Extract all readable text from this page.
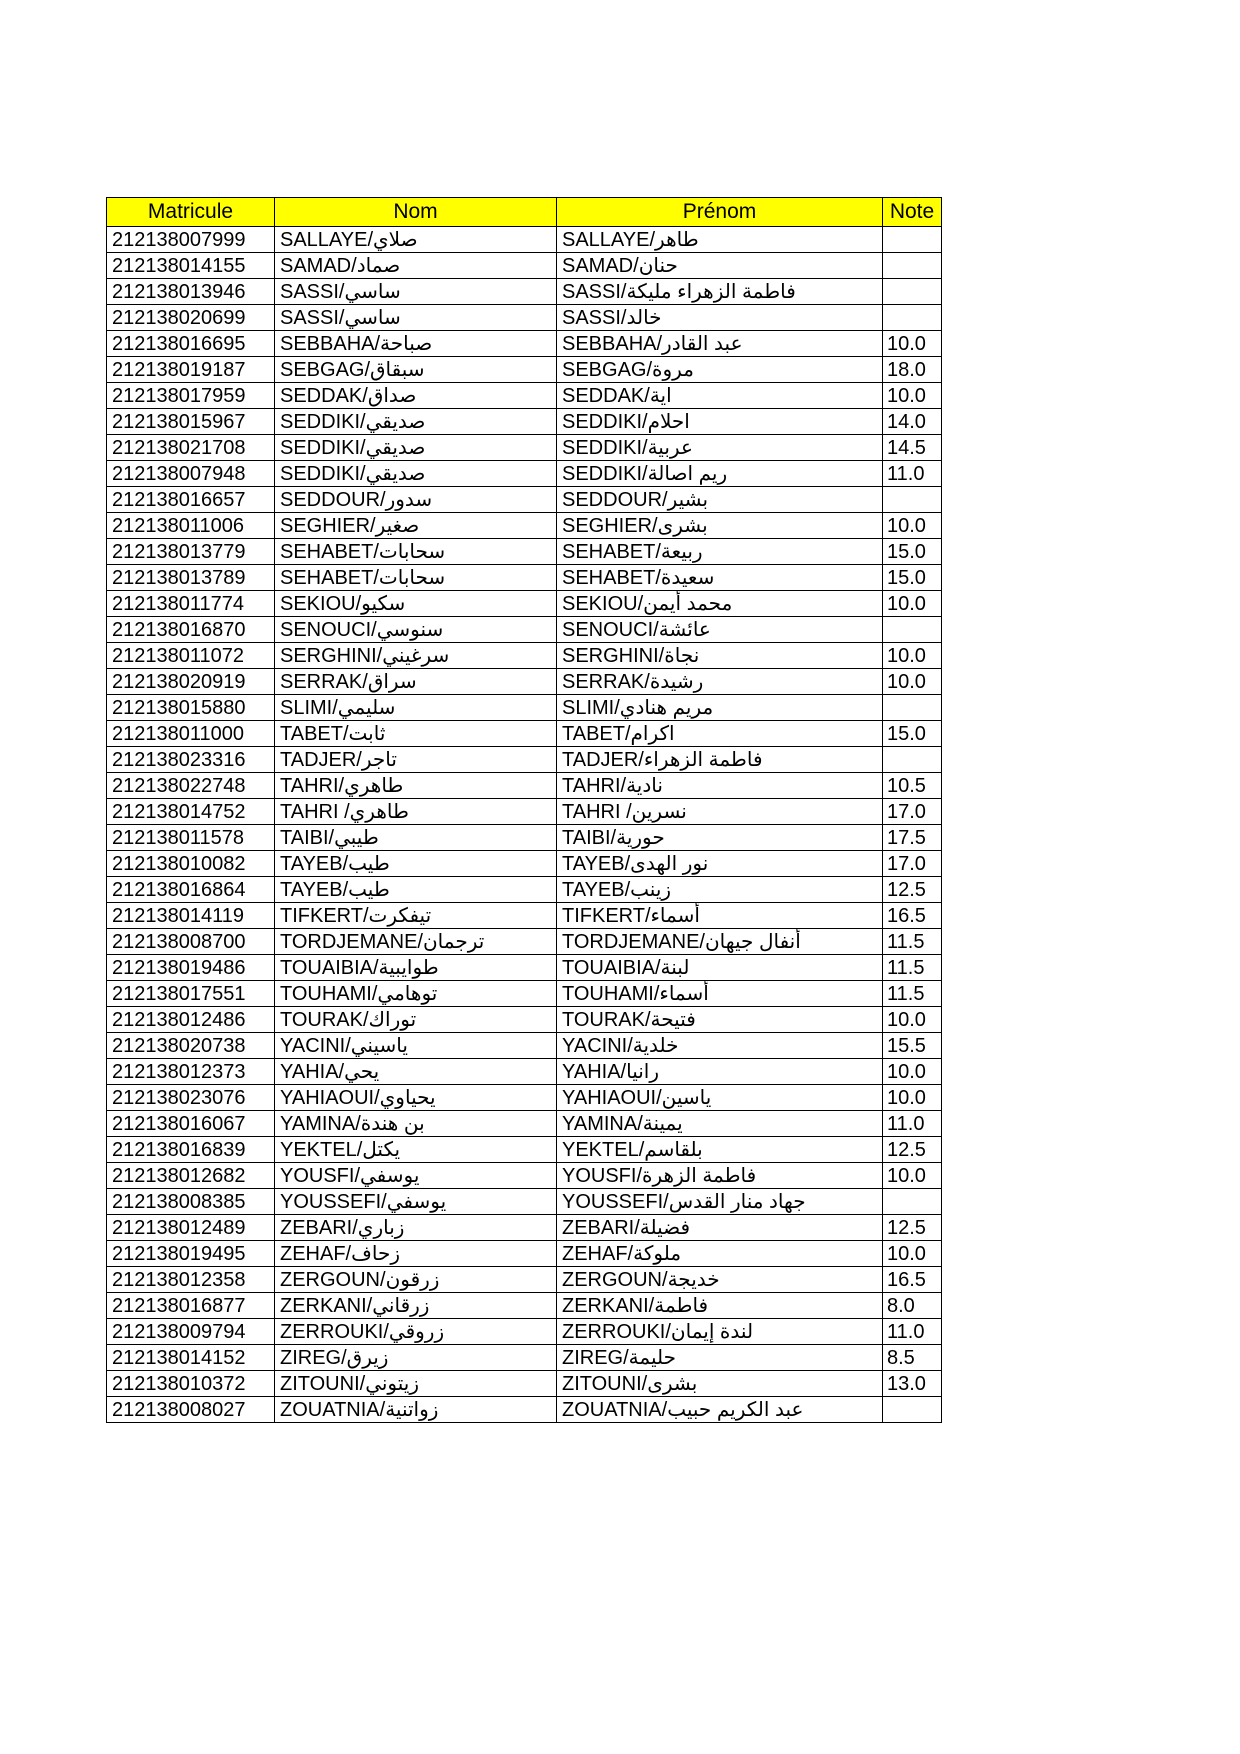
Matricule	Nom	Prénom	Note
212138007999	SALLAYE/صلاي	SALLAYE/طاهر	
212138014155	SAMAD/صماد	SAMAD/حنان	
212138013946	SASSI/ساسي	SASSI/فاطمة الزهراء مليكة	
212138020699	SASSI/ساسي	SASSI/خالد	
212138016695	SEBBAHA/صباحة	SEBBAHA/عبد القادر	10.0
212138019187	SEBGAG/سبقاق	SEBGAG/مروة	18.0
212138017959	SEDDAK/صداق	SEDDAK/اية	10.0
212138015967	SEDDIKI/صديقي	SEDDIKI/احلام	14.0
212138021708	SEDDIKI/صديقي	SEDDIKI/عربية	14.5
212138007948	SEDDIKI/صديقي	SEDDIKI/ريم اصالة	11.0
212138016657	SEDDOUR/سدور	SEDDOUR/بشير	
212138011006	SEGHIER/صغير	SEGHIER/بشرى	10.0
212138013779	SEHABET/سحابات	SEHABET/ربيعة	15.0
212138013789	SEHABET/سحابات	SEHABET/سعيدة	15.0
212138011774	SEKIOU/سكيو	SEKIOU/محمد أيمن	10.0
212138016870	SENOUCI/سنوسي	SENOUCI/عائشة	
212138011072	SERGHINI/سرغيني	SERGHINI/نجاة	10.0
212138020919	SERRAK/سراق	SERRAK/رشيدة	10.0
212138015880	SLIMI/سليمي	SLIMI/مريم هنادي	
212138011000	TABET/ثابت	TABET/اكرام	15.0
212138023316	TADJER/تاجر	TADJER/فاطمة الزهراء	
212138022748	TAHRI/طاهري	TAHRI/نادية	10.5
212138014752	TAHRI /طاهري	TAHRI /نسرين	17.0
212138011578	TAIBI/طيبي	TAIBI/حورية	17.5
212138010082	TAYEB/طيب	TAYEB/نور الهدى	17.0
212138016864	TAYEB/طيب	TAYEB/زينب	12.5
212138014119	TIFKERT/تيفكرت	TIFKERT/أسماء	16.5
212138008700	TORDJEMANE/ترجمان	TORDJEMANE/أنفال جيهان	11.5
212138019486	TOUAIBIA/طوايبية	TOUAIBIA/لبنة	11.5
212138017551	TOUHAMI/توهامي	TOUHAMI/أسماء	11.5
212138012486	TOURAK/توراك	TOURAK/فتيحة	10.0
212138020738	YACINI/ياسيني	YACINI/خلدية	15.5
212138012373	YAHIA/يحي	YAHIA/رانيا	10.0
212138023076	YAHIAOUI/يحياوي	YAHIAOUI/ياسين	10.0
212138016067	YAMINA/بن هندة	YAMINA/يمينة	11.0
212138016839	YEKTEL/يكتل	YEKTEL/بلقاسم	12.5
212138012682	YOUSFI/يوسفي	YOUSFI/فاطمة الزهرة	10.0
212138008385	YOUSSEFI/يوسفي	YOUSSEFI/جهاد منار القدس	
212138012489	ZEBARI/زباري	ZEBARI/فضيلة	12.5
212138019495	ZEHAF/زحاف	ZEHAF/ملوكة	10.0
212138012358	ZERGOUN/زرقون	ZERGOUN/خديجة	16.5
212138016877	ZERKANI/زرقاني	ZERKANI/فاطمة	8.0
212138009794	ZERROUKI/زروقي	ZERROUKI/لندة إيمان	11.0
212138014152	ZIREG/زيرق	ZIREG/حليمة	8.5
212138010372	ZITOUNI/زيتوني	ZITOUNI/بشرى	13.0
212138008027	ZOUATNIA/زواتنية	ZOUATNIA/عبد الكريم حبيب	
